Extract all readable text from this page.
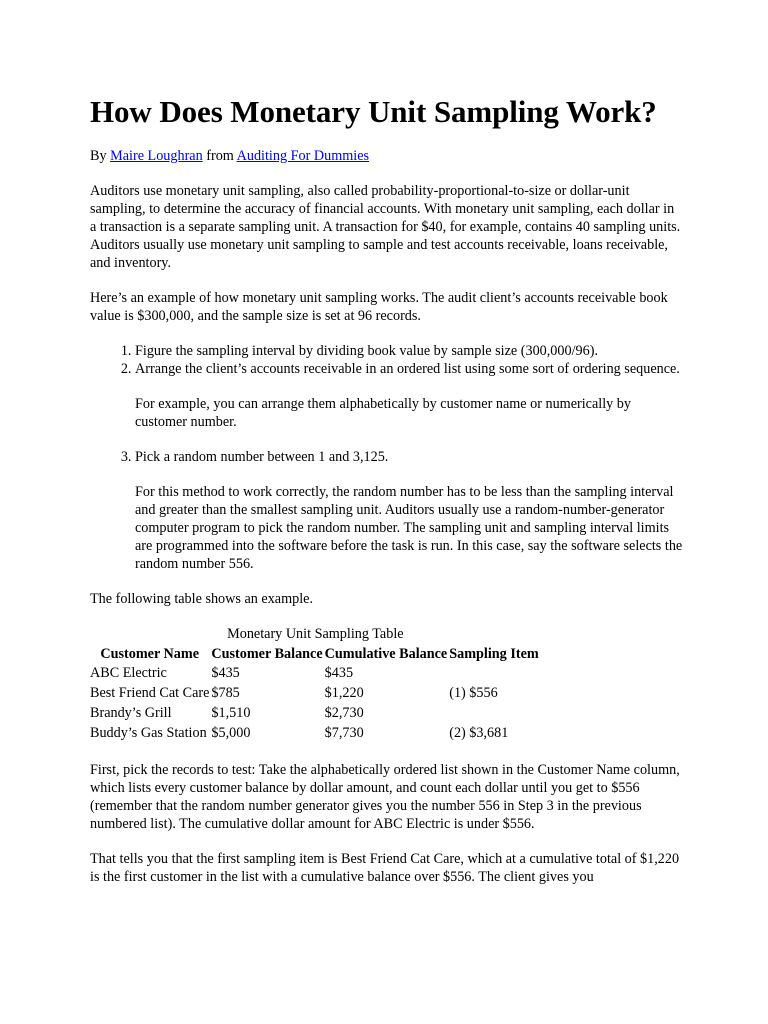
How Does Monetary Unit Sampling Work?

By Maire Loughran from Auditing For Dummies

Auditors use monetary unit sampling, also called probability-proportional-to-size or dollar-unit sampling, to determine the accuracy of financial accounts. With monetary unit sampling, each dollar in a transaction is a separate sampling unit. A transaction for $40, for example, contains 40 sampling units. Auditors usually use monetary unit sampling to sample and test accounts receivable, loans receivable, and inventory.

Here’s an example of how monetary unit sampling works. The audit client’s accounts receivable book value is $300,000, and the sample size is set at 96 records.

1. Figure the sampling interval by dividing book value by sample size (300,000/96).
2. Arrange the client’s accounts receivable in an ordered list using some sort of ordering sequence.

For example, you can arrange them alphabetically by customer name or numerically by customer number.

3. Pick a random number between 1 and 3,125.

For this method to work correctly, the random number has to be less than the sampling interval and greater than the smallest sampling unit. Auditors usually use a random-number-generator computer program to pick the random number. The sampling unit and sampling interval limits are programmed into the software before the task is run. In this case, say the software selects the random number 556.

The following table shows an example.

Monetary Unit Sampling Table
Customer Name	Customer Balance	Cumulative Balance	Sampling Item
ABC Electric	$435	$435	
Best Friend Cat Care	$785	$1,220	(1) $556
Brandy’s Grill	$1,510	$2,730	
Buddy’s Gas Station	$5,000	$7,730	(2) $3,681

First, pick the records to test: Take the alphabetically ordered list shown in the Customer Name column, which lists every customer balance by dollar amount, and count each dollar until you get to $556 (remember that the random number generator gives you the number 556 in Step 3 in the previous numbered list). The cumulative dollar amount for ABC Electric is under $556.

That tells you that the first sampling item is Best Friend Cat Care, which at a cumulative total of $1,220 is the first customer in the list with a cumulative balance over $556. The client gives you
